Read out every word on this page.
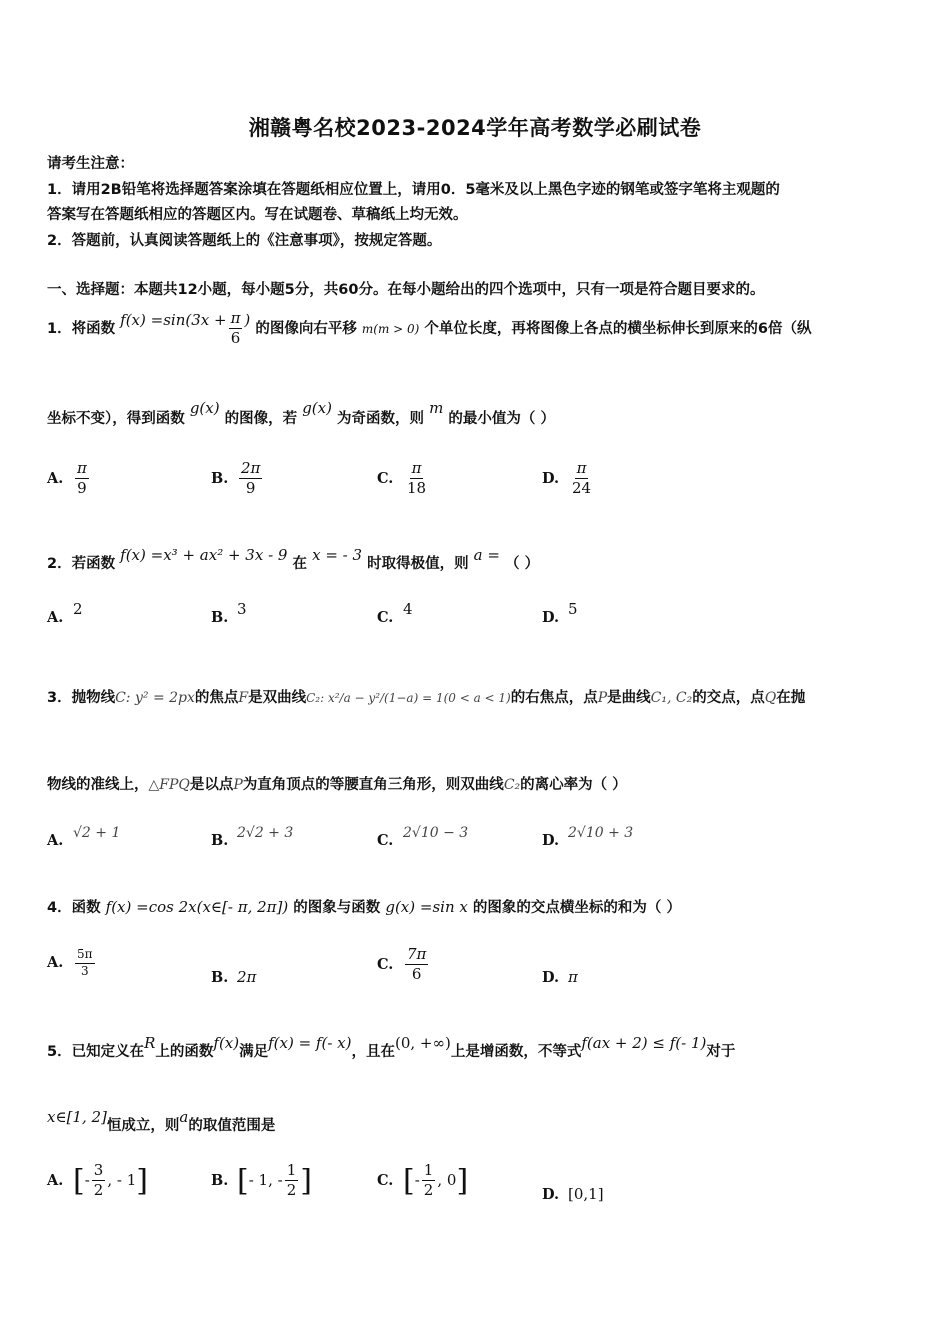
湘赣粤名校2023-2024学年高考数学必刷试卷
请考生注意：
1．请用2B铅笔将选择题答案涂填在答题纸相应位置上，请用0．5毫米及以上黑色字迹的钢笔或签字笔将主观题的
答案写在答题纸相应的答题区内。写在试题卷、草稿纸上均无效。
2．答题前，认真阅读答题纸上的《注意事项》，按规定答题。
一、选择题：本题共12小题，每小题5分，共60分。在每小题给出的四个选项中，只有一项是符合题目要求的。
1．将函数 $f(x) =\sin(3x + \frac{\pi}{6}$ ) 的图像向右平移 m(m > 0) 个单位长度，再将图像上各点的横坐标伸长到原来的6倍（纵
坐标不变），得到函数 g(x) 的图像，若 g(x) 为奇函数，则 m 的最小值为（ ）
A. $\frac{\pi}{9}$	B. $\frac{2\pi}{9}$	C. $\frac{\pi}{18}$	D. $\frac{\pi}{24}$
2．若函数 f(x) =x³ + ax² + 3x - 9 在 x = - 3 时取得极值，则 a = （ ）
A. 2	B. 3	C. 4	D. 5
3．抛物线𝐶: 𝑦² = 2𝑝𝑥的焦点𝐹是双曲线𝐶₂: 𝑥²/𝑎 − 𝑦²/(1−𝑎) = 1(0 < 𝑎 < 1)的右焦点，点𝑃是曲线𝐶₁, 𝐶₂的交点，点𝑄在抛
物线的准线上，△𝐹𝑃𝑄是以点𝑃为直角顶点的等腰直角三角形，则双曲线𝐶₂的离心率为（ ）
A. √2 + 1	B. 2√2 + 3	C. 2√10 − 3	D. 2√10 + 3
4．函数 f(x) =cos 2x(x∈[- π, 2π]) 的图象与函数 g(x) =sin x 的图象的交点横坐标的和为（ ）
A. $\frac{5\pi}{3}$	B. 2π
C. $\frac{7\pi}{6}$	D. π
5．已知定义在R上的函数f(x)满足f(x) = f(- x)，且在(0, +∞)上是增函数，不等式f(ax + 2) ≤ f(- 1)对于
x∈[1, 2]恒成立，则a的取值范围是
A. [- $\frac{3}{2}$ , - 1]	B. [- 1, - $\frac{1}{2}$ ]	C. [- $\frac{1}{2}$ , 0]	D. [0,1]
